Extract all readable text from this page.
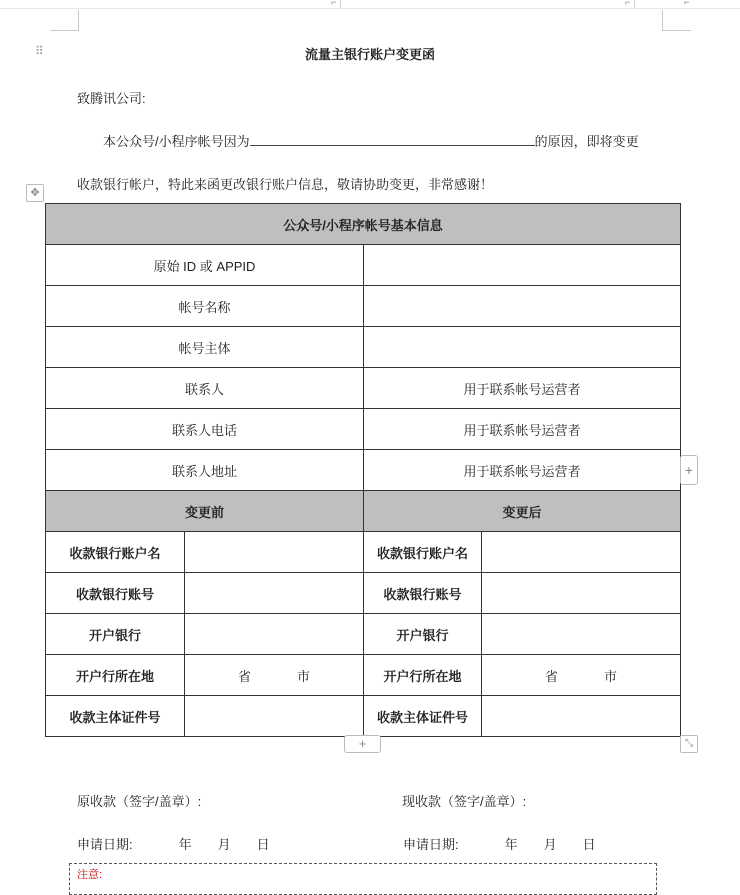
⌐	⌐	⌐
⠿	流量主银行账户变更函
致腾讯公司:
本公众号/小程序帐号因为	的原因，即将变更
收款银行帐户，特此来函更改银行账户信息，敬请协助变更，非常感谢！
✥
公众号/小程序帐号基本信息			
原始 ID 或 APPID			
帐号名称			
帐号主体			
联系人		用于联系帐号运营者	
联系人电话		用于联系帐号运营者	
联系人地址		用于联系帐号运营者	
变更前		变更后	
收款银行账户名		收款银行账户名	
收款银行账号		收款银行账号	
开户银行		开户银行	
开户行所在地	省 市	开户行所在地	省 市
收款主体证件号		收款主体证件号	
+
+	⤡
原收款（签字/盖章）:	现收款（签字/盖章）:
申请日期:	年 月 日	申请日期:	年 月 日
注意:
